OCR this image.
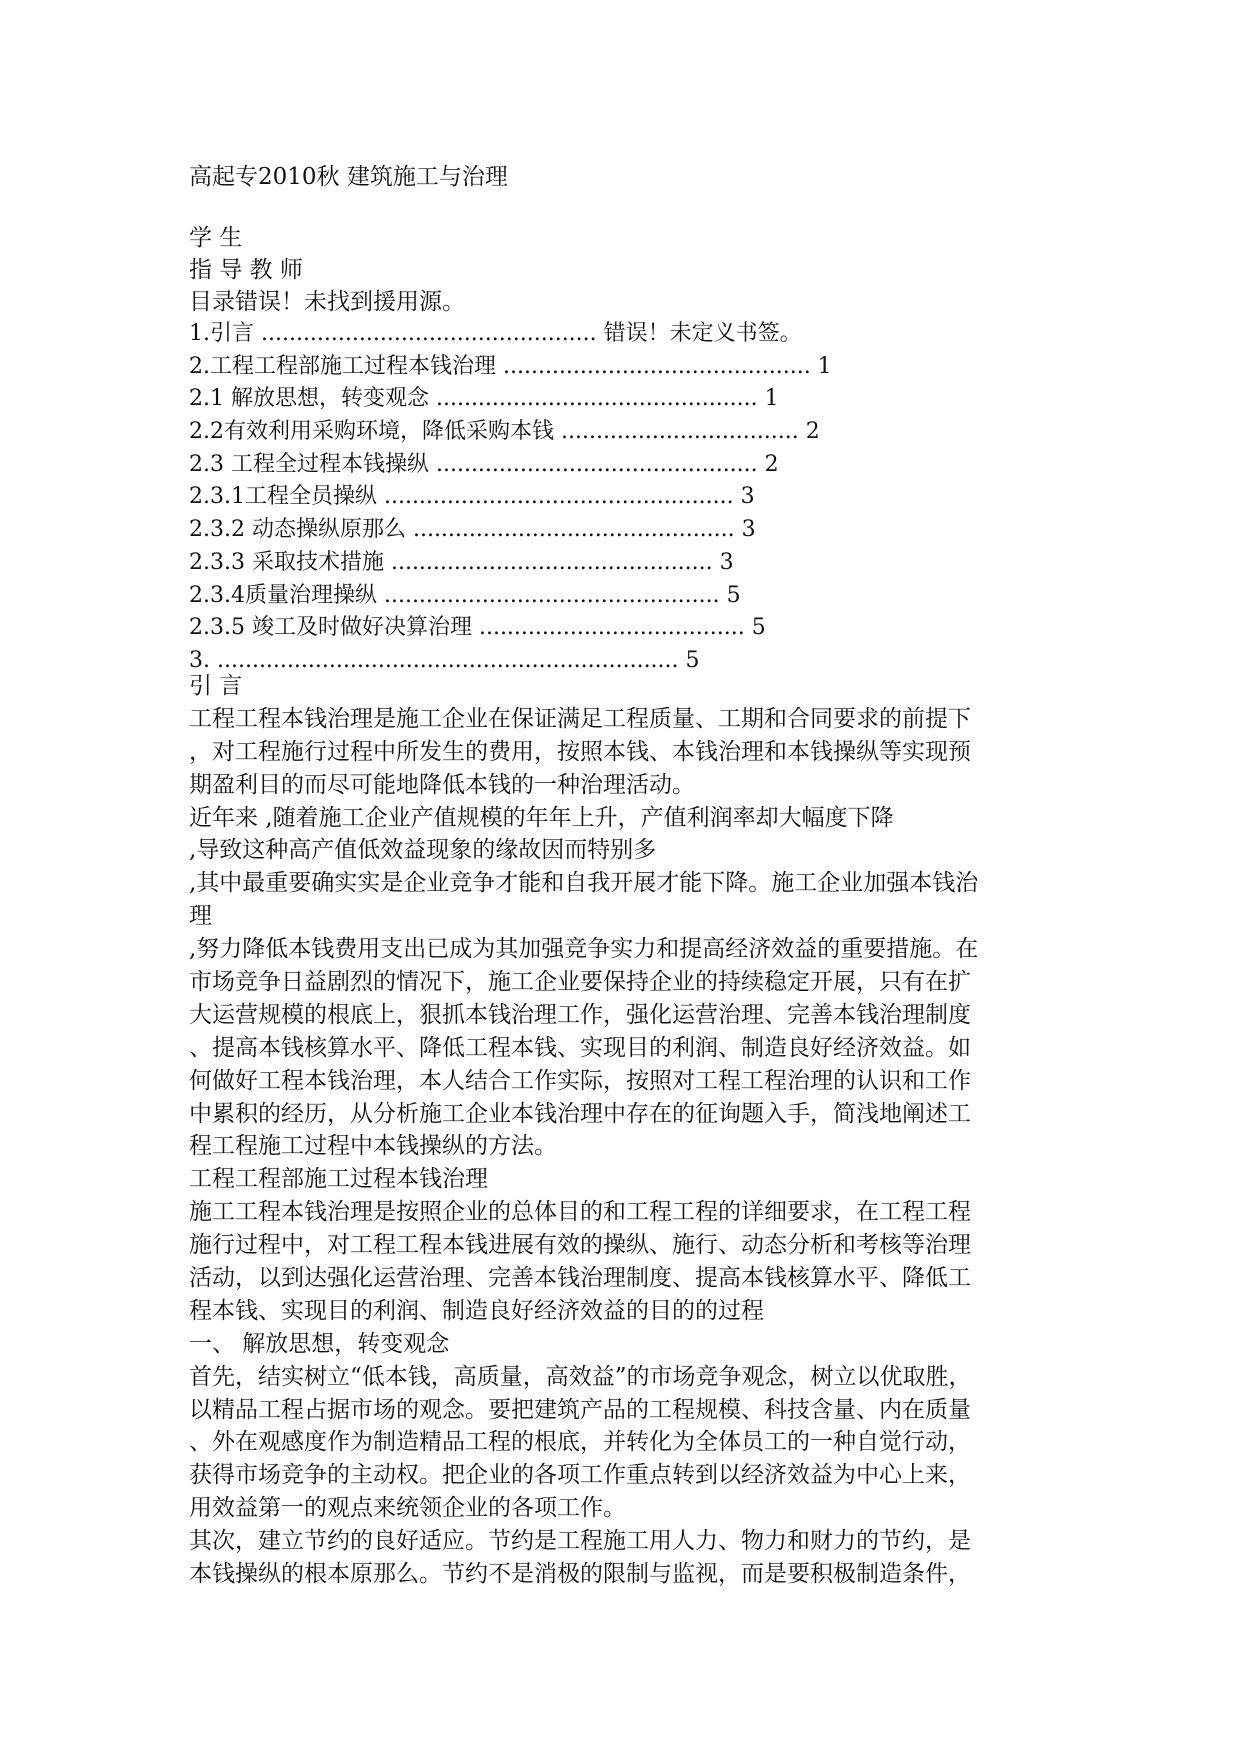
高起专2010秋 建筑施工与治理
学 生
指 导 教 师
目录错误！未找到援用源。
1.引言 ................................................ 错误！未定义书签。
2.工程工程部施工过程本钱治理 ............................................ 1
2.1 解放思想，转变观念 .............................................. 1
2.2有效利用采购环境，降低采购本钱 .................................. 2
2.3 工程全过程本钱操纵 .............................................. 2
2.3.1工程全员操纵 .................................................. 3
2.3.2 动态操纵原那么 .............................................. 3
2.3.3 采取技术措施 .............................................. 3
2.3.4质量治理操纵 ................................................ 5
2.3.5 竣工及时做好决算治理 ...................................... 5
3. .................................................................. 5
引 言
工程工程本钱治理是施工企业在保证满足工程质量、工期和合同要求的前提下
，对工程施行过程中所发生的费用，按照本钱、本钱治理和本钱操纵等实现预
期盈利目的而尽可能地降低本钱的一种治理活动。
近年来 ,随着施工企业产值规模的年年上升，产值利润率却大幅度下降
,导致这种高产值低效益现象的缘故因而特别多
,其中最重要确实实是企业竞争才能和自我开展才能下降。施工企业加强本钱治
理
,努力降低本钱费用支出已成为其加强竞争实力和提高经济效益的重要措施。在
市场竞争日益剧烈的情况下，施工企业要保持企业的持续稳定开展，只有在扩
大运营规模的根底上，狠抓本钱治理工作，强化运营治理、完善本钱治理制度
、提高本钱核算水平、降低工程本钱、实现目的利润、制造良好经济效益。如
何做好工程本钱治理，本人结合工作实际，按照对工程工程治理的认识和工作
中累积的经历，从分析施工企业本钱治理中存在的征询题入手，简浅地阐述工
程工程施工过程中本钱操纵的方法。
工程工程部施工过程本钱治理
施工工程本钱治理是按照企业的总体目的和工程工程的详细要求，在工程工程
施行过程中，对工程工程本钱进展有效的操纵、施行、动态分析和考核等治理
活动，以到达强化运营治理、完善本钱治理制度、提高本钱核算水平、降低工
程本钱、实现目的利润、制造良好经济效益的目的的过程
一、 解放思想，转变观念
首先，结实树立“低本钱，高质量，高效益”的市场竞争观念，树立以优取胜，
以精品工程占据市场的观念。要把建筑产品的工程规模、科技含量、内在质量
、外在观感度作为制造精品工程的根底，并转化为全体员工的一种自觉行动，
获得市场竞争的主动权。把企业的各项工作重点转到以经济效益为中心上来，
用效益第一的观点来统领企业的各项工作。
其次，建立节约的良好适应。节约是工程施工用人力、物力和财力的节约，是
本钱操纵的根本原那么。节约不是消极的限制与监视，而是要积极制造条件，
